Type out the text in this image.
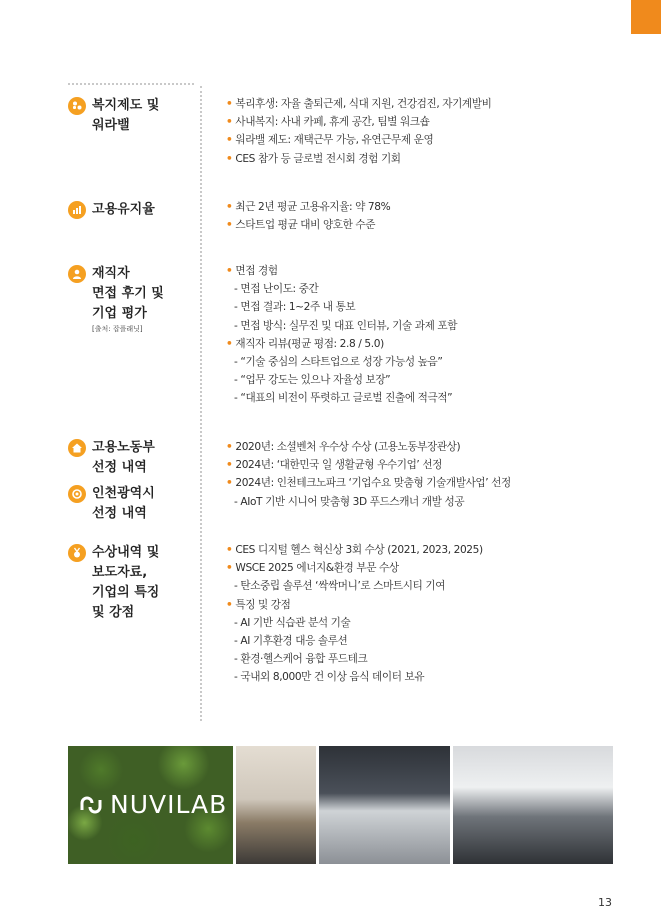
복지제도 및
워라밸
• 복리후생: 자율 출퇴근제, 식대 지원, 건강검진, 자기계발비
• 사내복지: 사내 카페, 휴게 공간, 팀별 워크숍
• 워라밸 제도: 재택근무 가능, 유연근무제 운영
• CES 참가 등 글로벌 전시회 경험 기회
고용유지율	• 최근 2년 평균 고용유지율: 약 78%
• 스타트업 평균 대비 양호한 수준
재직자
면접 후기 및
기업 평가
[출처: 잡플래닛]
• 면접 경험
- 면접 난이도: 중간
- 면접 결과: 1~2주 내 통보
- 면접 방식: 실무진 및 대표 인터뷰, 기술 과제 포함
• 재직자 리뷰(평균 평점: 2.8 / 5.0)
- “기술 중심의 스타트업으로 성장 가능성 높음”
- “업무 강도는 있으나 자율성 보장”
- “대표의 비전이 뚜렷하고 글로벌 진출에 적극적”
고용노동부
선정 내역
인천광역시
선정 내역
• 2020년: 소셜벤처 우수상 수상 (고용노동부장관상)
• 2024년: ‘대한민국 일 생활균형 우수기업’ 선정
• 2024년: 인천테크노파크 ‘기업수요 맞춤형 기술개발사업’ 선정
- AIoT 기반 시니어 맞춤형 3D 푸드스캐너 개발 성공
수상내역 및
보도자료,
기업의 특징
및 강점
• CES 디지털 헬스 혁신상 3회 수상 (2021, 2023, 2025)
• WSCE 2025 에너지&환경 부문 수상
- 탄소중립 솔루션 ‘싹싹머니’로 스마트시티 기여
• 특징 및 강점
- AI 기반 식습관 분석 기술
- AI 기후환경 대응 솔루션
- 환경·헬스케어 융합 푸드테크
- 국내외 8,000만 건 이상 음식 데이터 보유
NUVILAB
13
